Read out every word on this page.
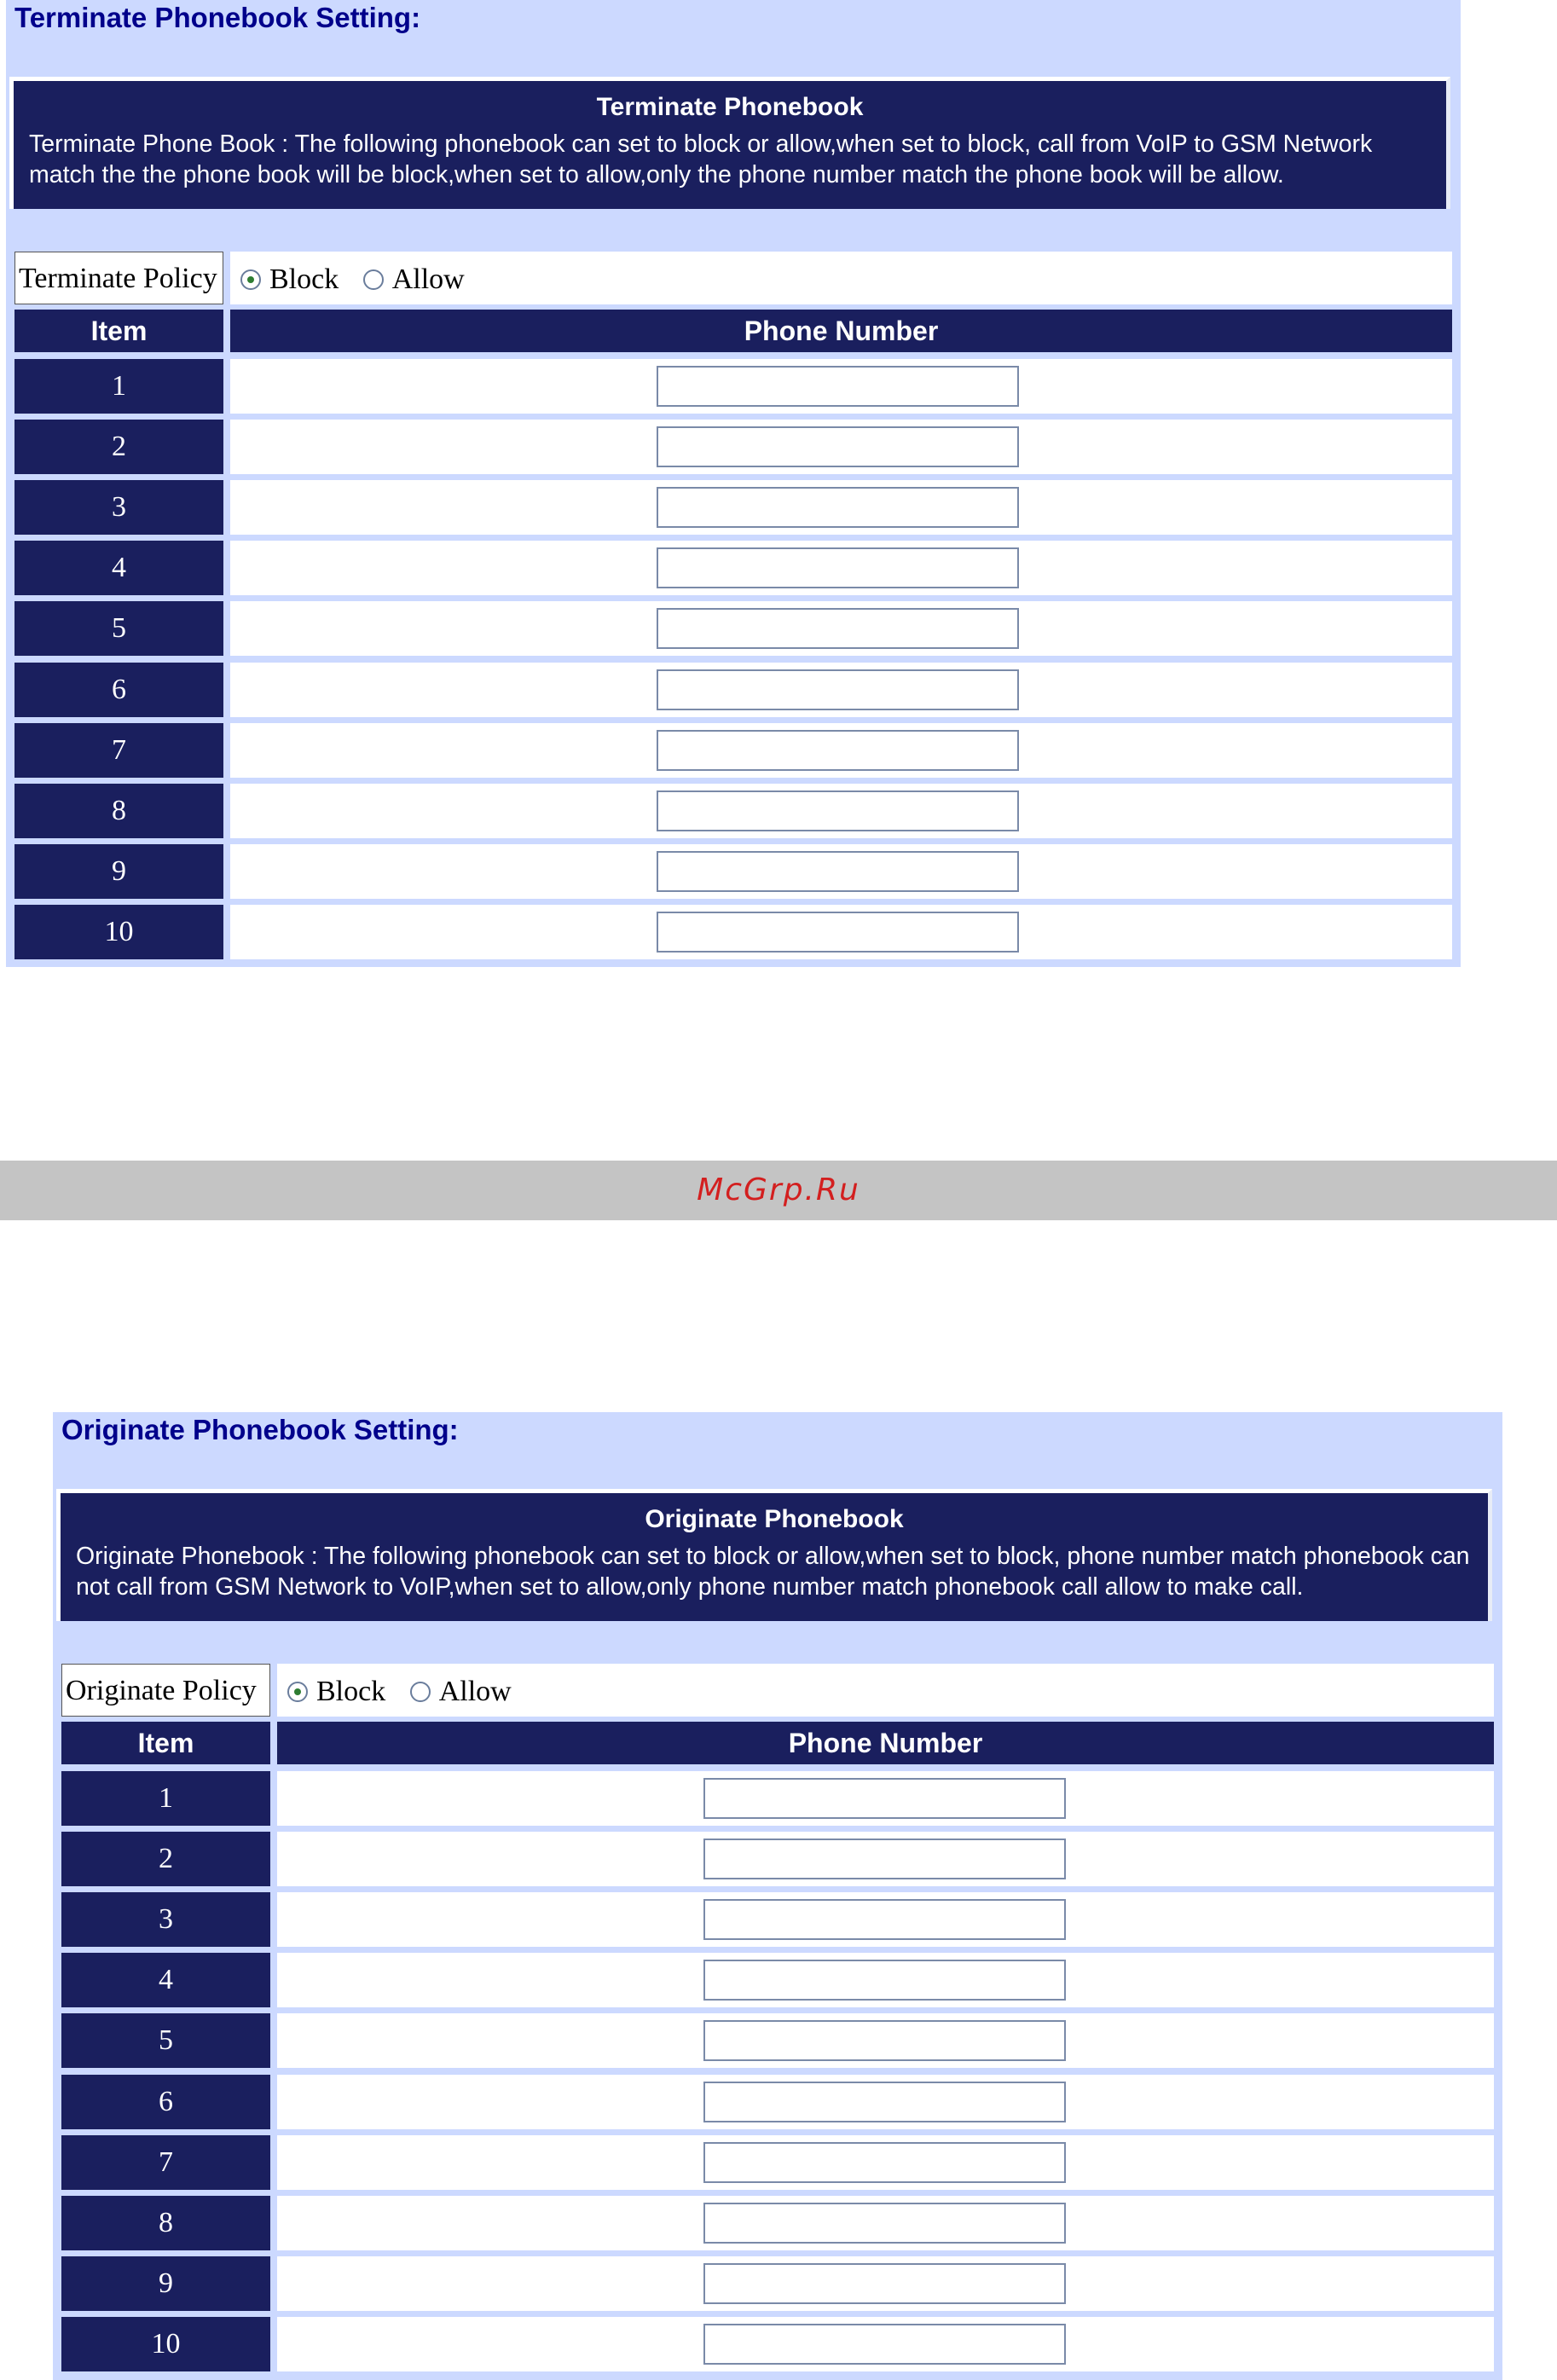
Terminate Phonebook Setting:
Terminate Phonebook
Terminate Phone Book : The following phonebook can set to block or allow,when set to block, call from VoIP to GSM Network match the the phone book will be block,when set to allow,only the phone number match the phone book will be allow.
Terminate Policy	Block Allow
Item	Phone Number
1
2
3
4
5
6
7
8
9
10
McGrp.Ru
Originate Phonebook Setting:
Originate Phonebook
Originate Phonebook : The following phonebook can set to block or allow,when set to block, phone number match phonebook can not call from GSM Network to VoIP,when set to allow,only phone number match phonebook call allow to make call.
Originate Policy	Block Allow
Item	Phone Number
1
2
3
4
5
6
7
8
9
10
